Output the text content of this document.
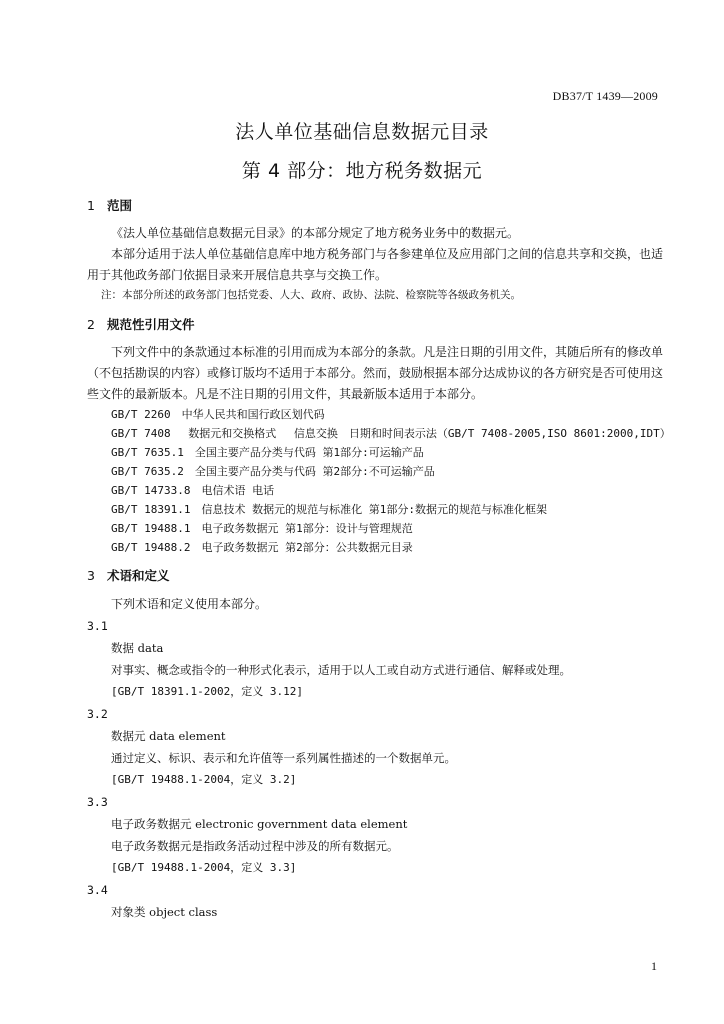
DB37/T 1439—2009
法人单位基础信息数据元目录
第 4 部分：地方税务数据元
1 范围

《法人单位基础信息数据元目录》的本部分规定了地方税务业务中的数据元。

本部分适用于法人单位基础信息库中地方税务部门与各参建单位及应用部门之间的信息共享和交换，也适用于其他政务部门依据目录来开展信息共享与交换工作。

注：本部分所述的政务部门包括党委、人大、政府、政协、法院、检察院等各级政务机关。

2 规范性引用文件

下列文件中的条款通过本标准的引用而成为本部分的条款。凡是注日期的引用文件，其随后所有的修改单（不包括勘误的内容）或修订版均不适用于本部分。然而，鼓励根据本部分达成协议的各方研究是否可使用这些文件的最新版本。凡是不注日期的引用文件，其最新版本适用于本部分。

GB/T 2260　中华人民共和国行政区划代码

GB/T 7408　 数据元和交换格式　 信息交换　日期和时间表示法（GB/T 7408-2005,ISO 8601:2000,IDT）

GB/T 7635.1　全国主要产品分类与代码 第1部分:可运输产品

GB/T 7635.2　全国主要产品分类与代码 第2部分:不可运输产品

GB/T 14733.8　电信术语 电话

GB/T 18391.1　信息技术 数据元的规范与标准化 第1部分:数据元的规范与标准化框架

GB/T 19488.1　电子政务数据元 第1部分：设计与管理规范

GB/T 19488.2　电子政务数据元 第2部分：公共数据元目录

3 术语和定义

下列术语和定义使用本部分。

3.1

数据 data

对事实、概念或指令的一种形式化表示，适用于以人工或自动方式进行通信、解释或处理。

[GB/T 18391.1-2002，定义 3.12]

3.2

数据元 data element

通过定义、标识、表示和允许值等一系列属性描述的一个数据单元。

[GB/T 19488.1-2004，定义 3.2]

3.3

电子政务数据元 electronic government data element

电子政务数据元是指政务活动过程中涉及的所有数据元。

[GB/T 19488.1-2004，定义 3.3]

3.4

对象类 object class

1
